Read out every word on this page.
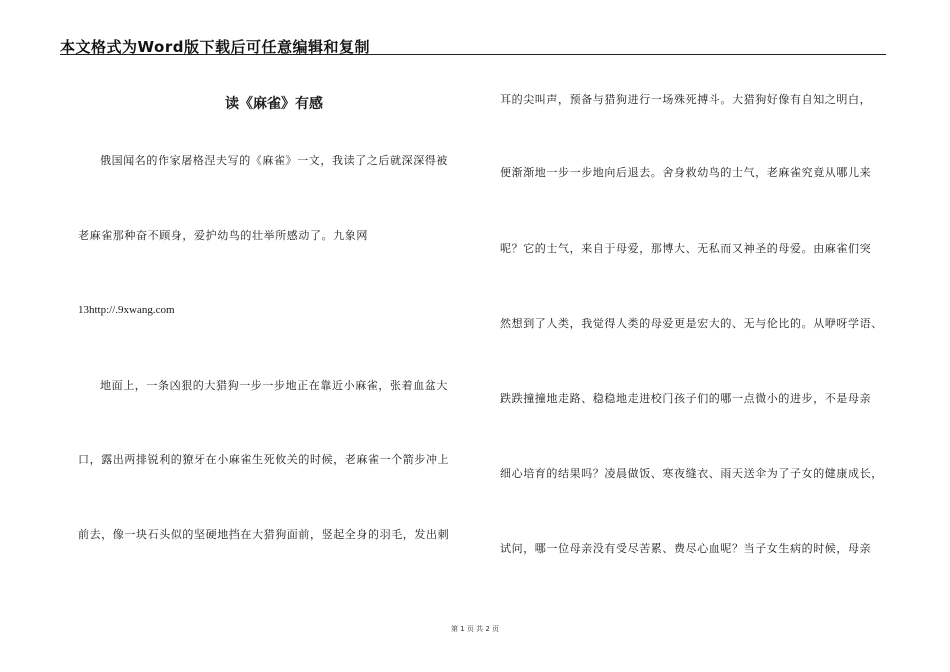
本文格式为Word版下载后可任意编辑和复制
读《麻雀》有感
俄国闻名的作家屠格涅夫写的《麻雀》一文，我读了之后就深深得被
老麻雀那种奋不顾身，爱护幼鸟的壮举所感动了。九象网
13http://.9xwang.com
地面上，一条凶狠的大猎狗一步一步地正在靠近小麻雀，张着血盆大
口，露出两排锐利的獠牙在小麻雀生死攸关的时候，老麻雀一个箭步冲上
前去，像一块石头似的坚硬地挡在大猎狗面前，竖起全身的羽毛，发出刺
耳的尖叫声，预备与猎狗进行一场殊死搏斗。大猎狗好像有自知之明白，
便渐渐地一步一步地向后退去。舍身救幼鸟的士气，老麻雀究竟从哪儿来
呢？它的士气，来自于母爱，那博大、无私而又神圣的母爱。由麻雀们突
然想到了人类，我觉得人类的母爱更是宏大的、无与伦比的。从咿呀学语、
跌跌撞撞地走路、稳稳地走进校门孩子们的哪一点微小的进步，不是母亲
细心培育的结果吗？凌晨做饭、寒夜缝衣、雨天送伞为了子女的健康成长，
试问，哪一位母亲没有受尽苦累、费尽心血呢？当子女生病的时候，母亲
第 1 页 共 2 页
